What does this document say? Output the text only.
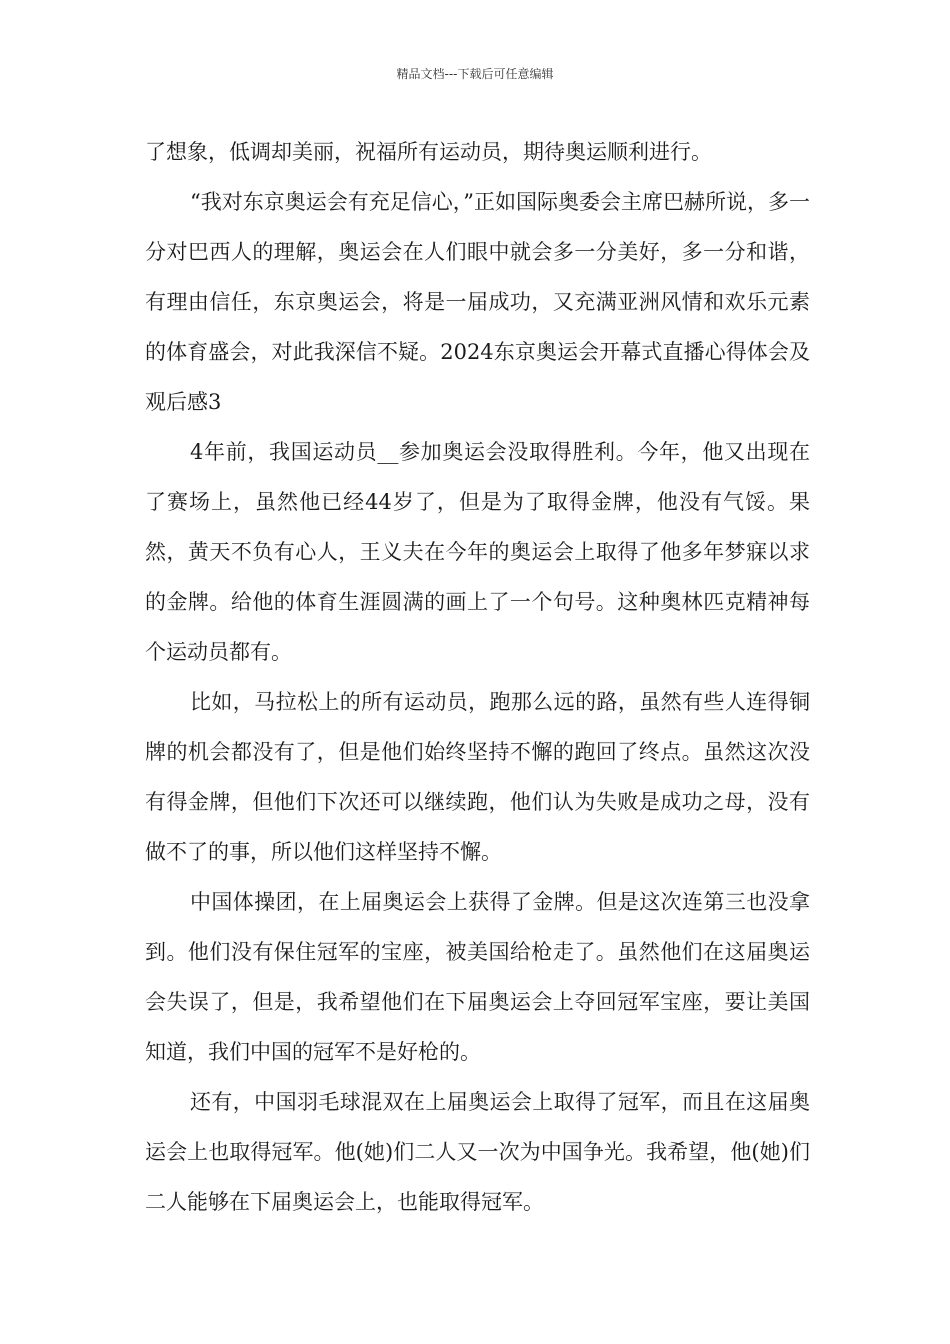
精品文档---下载后可任意编辑

了想象，低调却美丽，祝福所有运动员，期待奥运顺利进行。

“我对东京奥运会有充足信心，”正如国际奥委会主席巴赫所说，多一分对巴西人的理解，奥运会在人们眼中就会多一分美好，多一分和谐，有理由信任，东京奥运会，将是一届成功，又充满亚洲风情和欢乐元素的体育盛会，对此我深信不疑。2024东京奥运会开幕式直播心得体会及观后感3

4年前，我国运动员__参加奥运会没取得胜利。今年，他又出现在了赛场上，虽然他已经44岁了，但是为了取得金牌，他没有气馁。果然，黄天不负有心人，王义夫在今年的奥运会上取得了他多年梦寐以求的金牌。给他的体育生涯圆满的画上了一个句号。这种奥林匹克精神每个运动员都有。

比如，马拉松上的所有运动员，跑那么远的路，虽然有些人连得铜牌的机会都没有了，但是他们始终坚持不懈的跑回了终点。虽然这次没有得金牌，但他们下次还可以继续跑，他们认为失败是成功之母，没有做不了的事，所以他们这样坚持不懈。

中国体操团，在上届奥运会上获得了金牌。但是这次连第三也没拿到。他们没有保住冠军的宝座，被美国给枪走了。虽然他们在这届奥运会失误了，但是，我希望他们在下届奥运会上夺回冠军宝座，要让美国知道，我们中国的冠军不是好枪的。

还有，中国羽毛球混双在上届奥运会上取得了冠军，而且在这届奥运会上也取得冠军。他(她)们二人又一次为中国争光。我希望，他(她)们二人能够在下届奥运会上，也能取得冠军。
